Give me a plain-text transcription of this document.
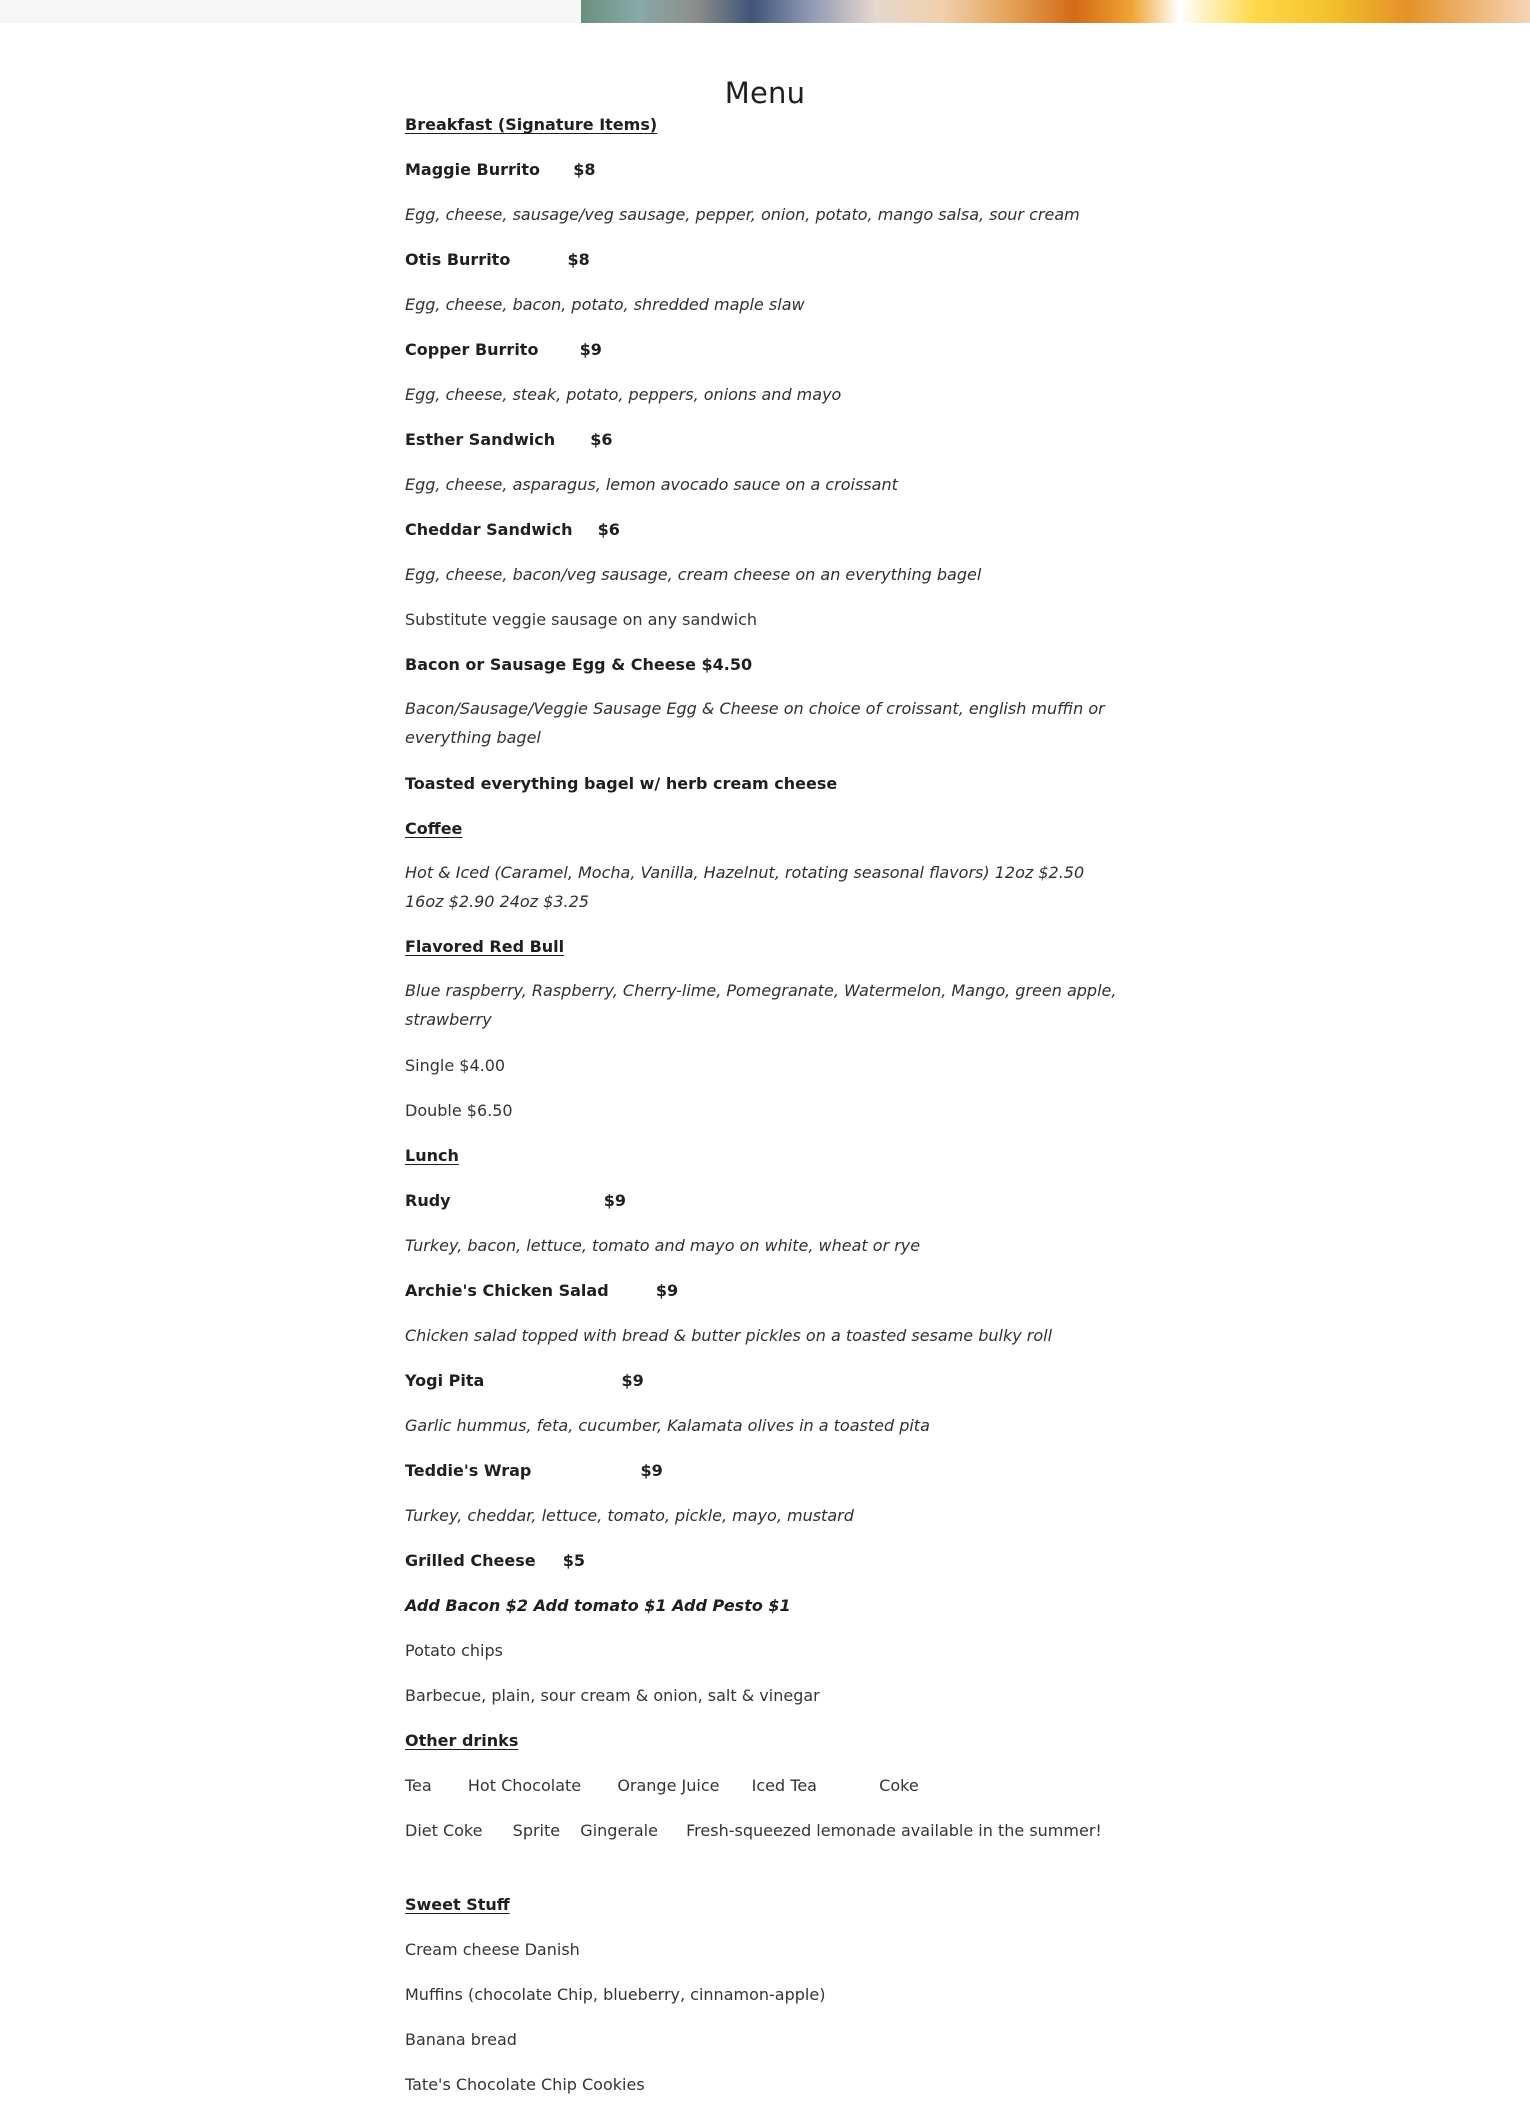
Menu
Breakfast (Signature Items)
Maggie Burrito $8
Egg, cheese, sausage/veg sausage, pepper, onion, potato, mango salsa, sour cream
Otis Burrito	$8
Egg, cheese, bacon, potato, shredded maple slaw
Copper Burrito	$9
Egg, cheese, steak, potato, peppers, onions and mayo
Esther Sandwich $6
Egg, cheese, asparagus, lemon avocado sauce on a croissant
Cheddar Sandwich $6
Egg, cheese, bacon/veg sausage, cream cheese on an everything bagel
Substitute veggie sausage on any sandwich
Bacon or Sausage Egg & Cheese $4.50
Bacon/Sausage/Veggie Sausage Egg & Cheese on choice of croissant, english muffin or everything bagel
Toasted everything bagel w/ herb cream cheese
Coffee
Hot & Iced (Caramel, Mocha, Vanilla, Hazelnut, rotating seasonal flavors) 12oz $2.50 16oz $2.90 24oz $3.25
Flavored Red Bull
Blue raspberry, Raspberry, Cherry-lime, Pomegranate, Watermelon, Mango, green apple, strawberry
Single $4.00
Double $6.50
Lunch
Rudy	$9
Turkey, bacon, lettuce, tomato and mayo on white, wheat or rye
Archie's Chicken Salad	$9
Chicken salad topped with bread & butter pickles on a toasted sesame bulky roll
Yogi Pita	$9
Garlic hummus, feta, cucumber, Kalamata olives in a toasted pita
Teddie's Wrap	$9
Turkey, cheddar, lettuce, tomato, pickle, mayo, mustard
Grilled Cheese $5
Add Bacon $2 Add tomato $1 Add Pesto $1
Potato chips
Barbecue, plain, sour cream & onion, salt & vinegar
Other drinks
Tea Hot Chocolate Orange Juice Iced Tea	Coke
Diet Coke Sprite Gingerale Fresh-squeezed lemonade available in the summer!
Sweet Stuff
Cream cheese Danish
Muffins (chocolate Chip, blueberry, cinnamon-apple)
Banana bread
Tate's Chocolate Chip Cookies
